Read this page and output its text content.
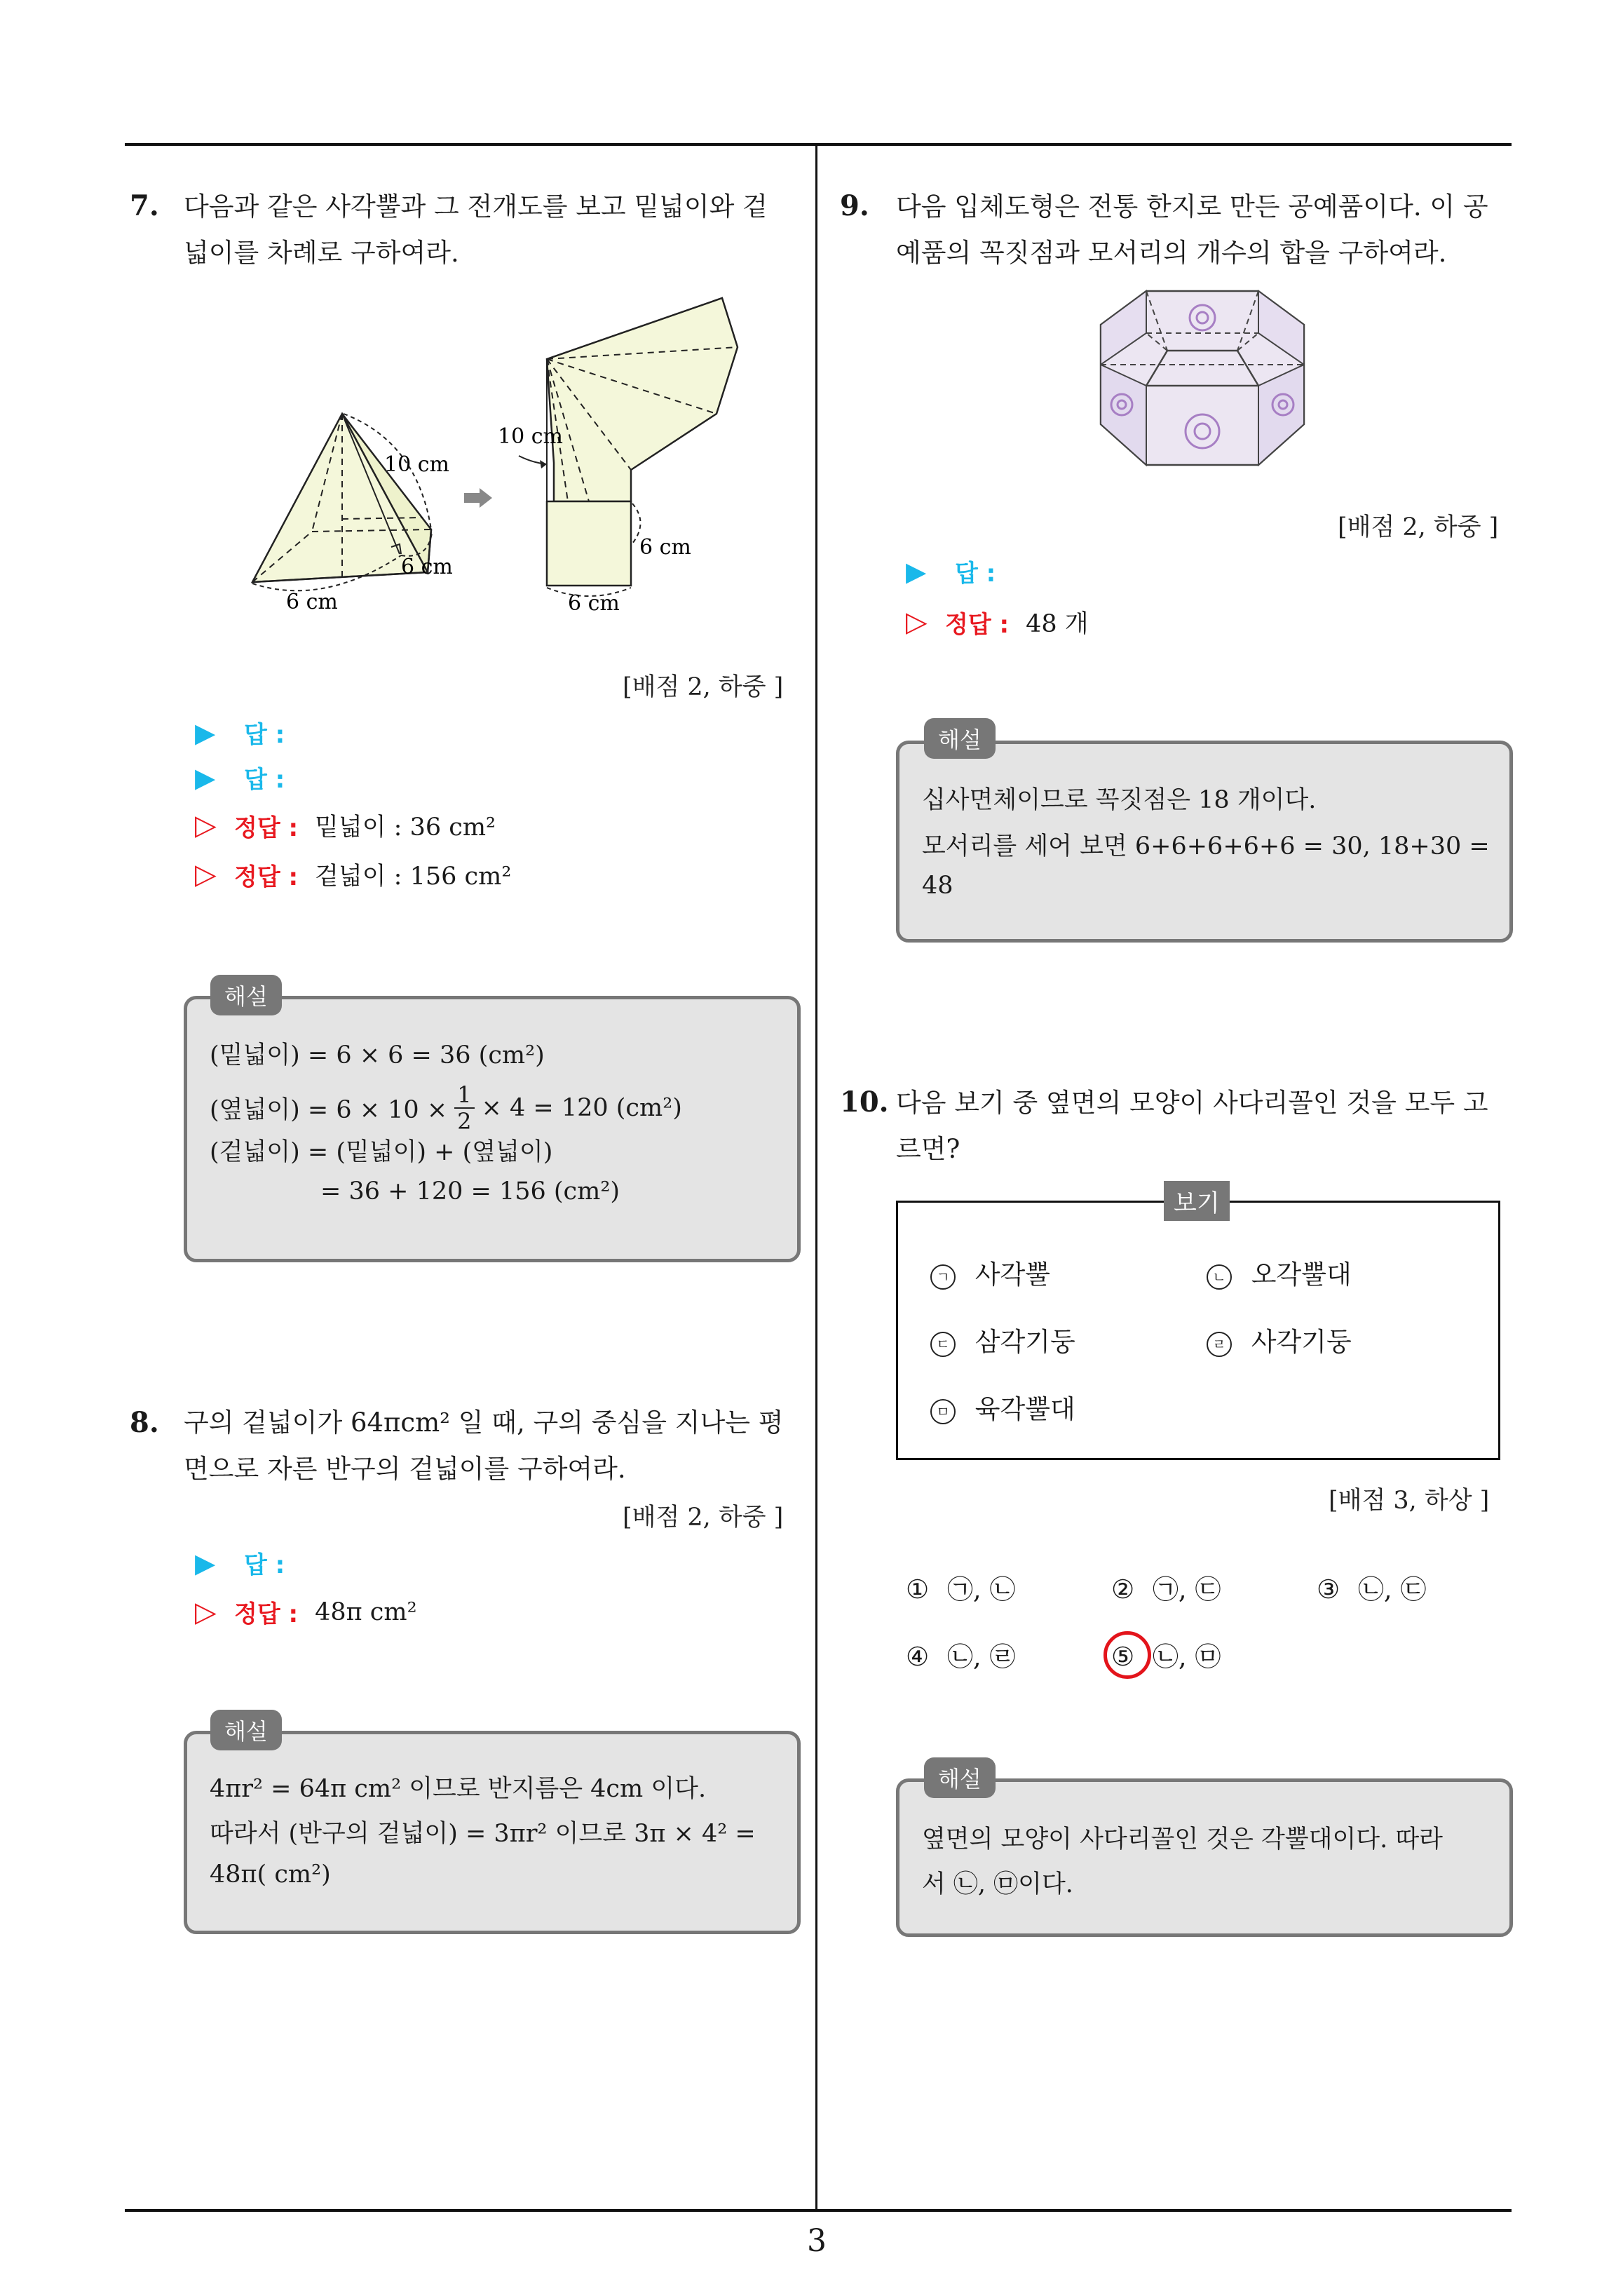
7. 다음과 같은 사각뿔과 그 전개도를 보고 밑넓이와 겉
넓이를 차례로 구하여라.
10 cm
6 cm
6 cm
10 cm
6 cm
6 cm
[배점 2, 하중 ]
▶	답 :
▶	답 :
▷ 정답 : 밑넓이 : 36 cm²
▷ 정답 : 겉넓이 : 156 cm²
(밑넓이) = 6 × 6 = 36 (cm²)
(옆넓이) = $6 \times 10 \times \frac{1}{2} \times 4 = 120$ (cm²)
(겉넓이) = (밑넓이) + (옆넓이)
= 36 + 120 = 156 (cm²)
해설
8. 구의 겉넓이가 64πcm² 일 때, 구의 중심을 지나는 평
면으로 자른 반구의 겉넓이를 구하여라.
[배점 2, 하중 ]
▶	답 :
▷ 정답 : 48π cm²
4πr² = 64π cm² 이므로 반지름은 4cm 이다.
따라서 (반구의 겉넓이) = 3πr² 이므로 3π × 4² =
48π( cm²)
해설
9. 다음 입체도형은 전통 한지로 만든 공예품이다. 이 공
예품의 꼭짓점과 모서리의 개수의 합을 구하여라.
[배점 2, 하중 ]
▶	답 :
▷ 정답 : 48 개
십사면체이므로 꼭짓점은 18 개이다.
모서리를 세어 보면 6+6+6+6+6 = 30, 18+30 =
48
해설
10. 다음 보기 중 옆면의 모양이 사다리꼴인 것을 모두 고
르면?
ㄱ 사각뿔	ㄴ 오각뿔대
ㄷ 삼각기둥	ㄹ 사각기둥
ㅁ 육각뿔대
보기
[배점 3, 하상 ]
① ㉠, ㉡	② ㉠, ㉢	③ ㉡, ㉢
④ ㉡, ㉣	⑤ ㉡, ㉤
옆면의 모양이 사다리꼴인 것은 각뿔대이다. 따라
서 ㉡, ㉤이다.
해설
3
